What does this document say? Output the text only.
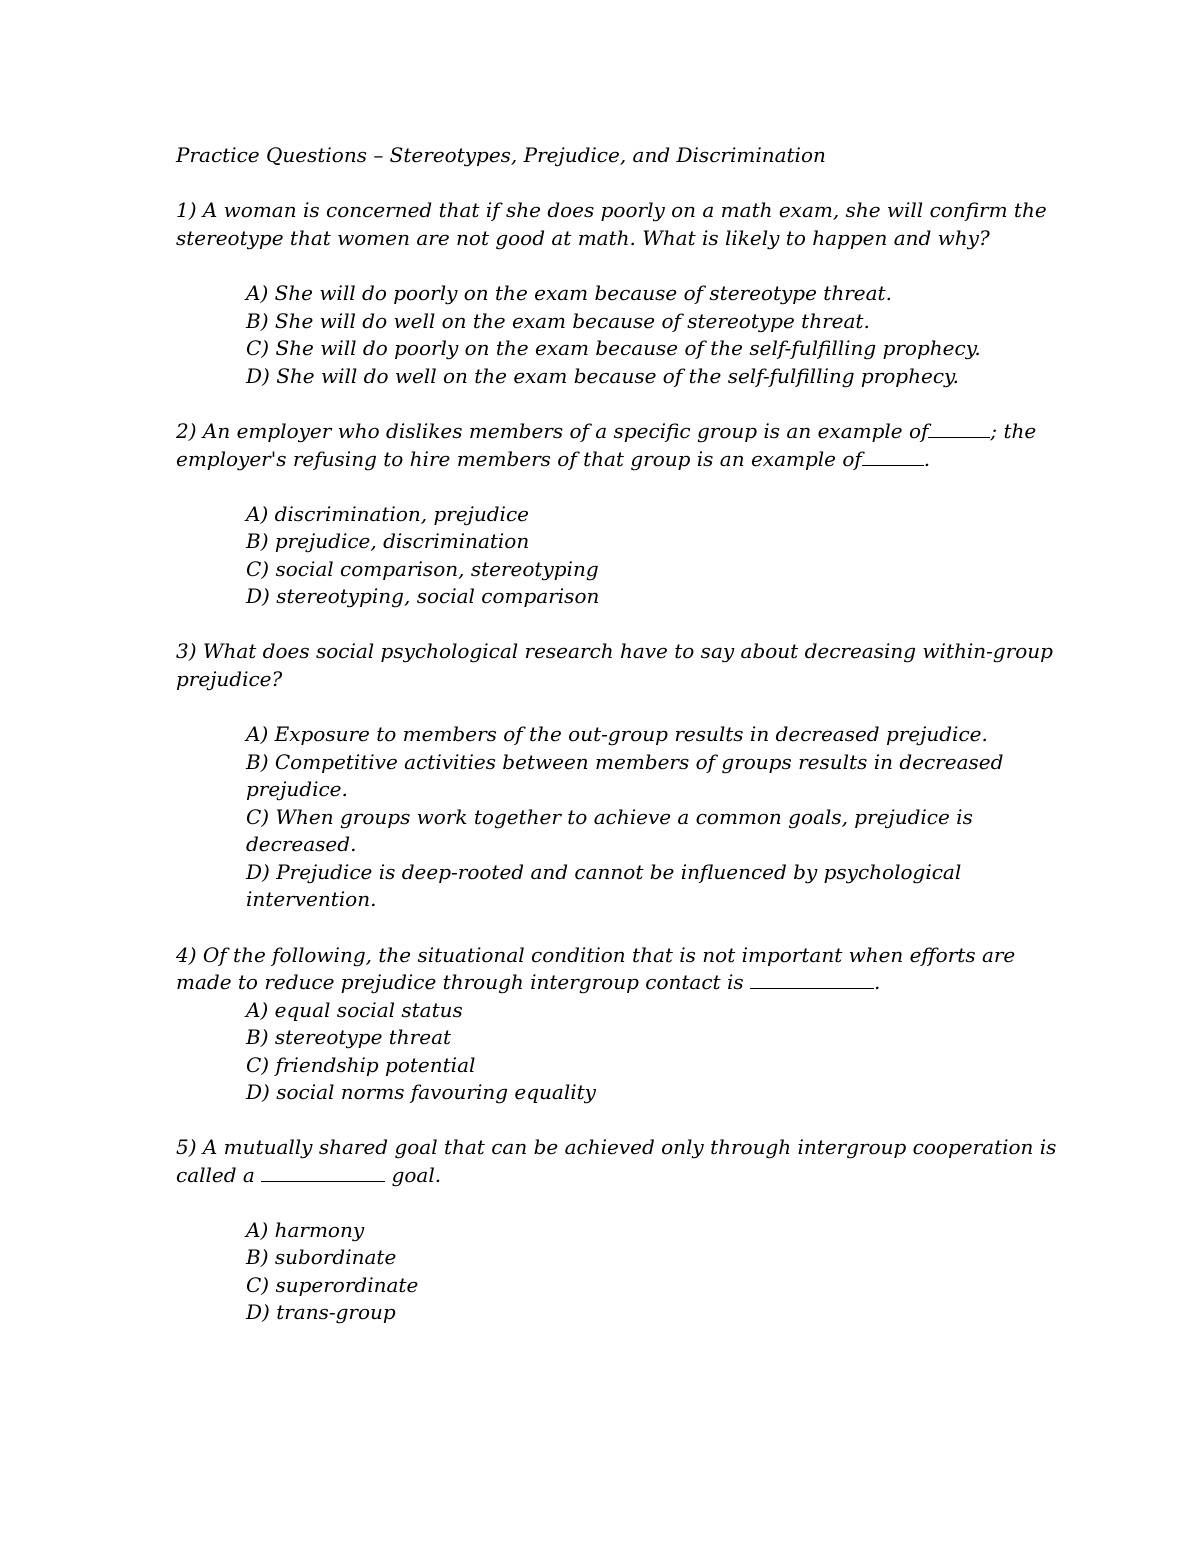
Practice Questions – Stereotypes, Prejudice, and Discrimination
1) A woman is concerned that if she does poorly on a math exam, she will confirm the
stereotype that women are not good at math. What is likely to happen and why?
A) She will do poorly on the exam because of stereotype threat.
B) She will do well on the exam because of stereotype threat.
C) She will do poorly on the exam because of the self-fulfilling prophecy.
D) She will do well on the exam because of the self-fulfilling prophecy.
2) An employer who dislikes members of a specific group is an example of	; the
employer's refusing to hire members of that group is an example of	.
A) discrimination, prejudice
B) prejudice, discrimination
C) social comparison, stereotyping
D) stereotyping, social comparison
3) What does social psychological research have to say about decreasing within-group
prejudice?
A) Exposure to members of the out-group results in decreased prejudice.
B) Competitive activities between members of groups results in decreased
prejudice.
C) When groups work together to achieve a common goals, prejudice is
decreased.
D) Prejudice is deep-rooted and cannot be influenced by psychological
intervention.
4) Of the following, the situational condition that is not important when efforts are
made to reduce prejudice through intergroup contact is	.
A) equal social status
B) stereotype threat
C) friendship potential
D) social norms favouring equality
5) A mutually shared goal that can be achieved only through intergroup cooperation is
called a	goal.
A) harmony
B) subordinate
C) superordinate
D) trans-group
